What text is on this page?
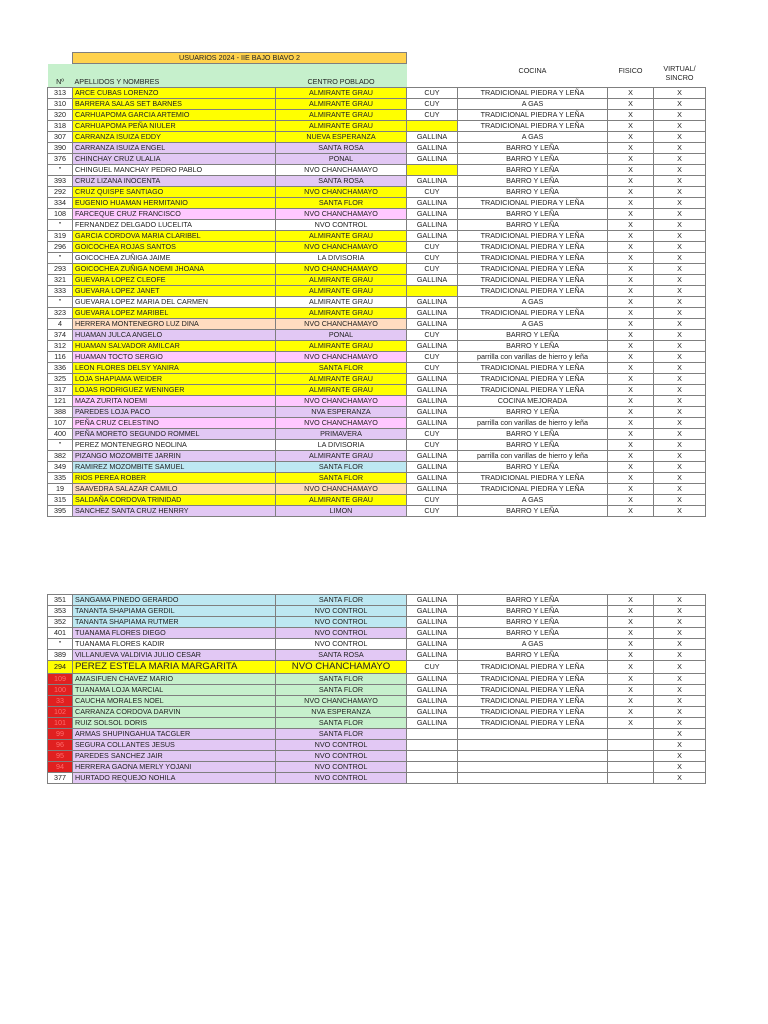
	USUARIOS 2024 - IIE BAJO BIAVO 2					
Nº	APELLIDOS Y NOMBRES	CENTRO POBLADO		COCINA	FISICO	VIRTUAL/ SINCRO
313	ARCE CUBAS LORENZO	ALMIRANTE GRAU	CUY	TRADICIONAL PIEDRA Y LEÑA	X	X
310	BARRERA SALAS SET BARNES	ALMIRANTE GRAU	CUY	A GAS	X	X
320	CARHUAPOMA GARCIA ARTEMIO	ALMIRANTE GRAU	CUY	TRADICIONAL PIEDRA Y LEÑA	X	X
318	CARHUAPOMA PEÑA NIULER	ALMIRANTE GRAU		TRADICIONAL PIEDRA Y LEÑA	X	X
307	CARRANZA ISUIZA EDDY	NUEVA ESPERANZA	GALLINA	A GAS	X	X
390	CARRANZA ISUIZA ENGEL	SANTA ROSA	GALLINA	BARRO Y LEÑA	X	X
376	CHINCHAY CRUZ ULALIA	PONAL	GALLINA	BARRO Y LEÑA	X	X
"	CHINGUEL MANCHAY PEDRO PABLO	NVO CHANCHAMAYO		BARRO Y LEÑA	X	X
393	CRUZ LIZANA INOCENTA	SANTA ROSA	GALLINA	BARRO Y LEÑA	X	X
292	CRUZ QUISPE SANTIAGO	NVO CHANCHAMAYO	CUY	BARRO Y LEÑA	X	X
334	EUGENIO HUAMAN HERMITANIO	SANTA FLOR	GALLINA	TRADICIONAL PIEDRA Y LEÑA	X	X
108	FARCEQUE CRUZ FRANCISCO	NVO CHANCHAMAYO	GALLINA	BARRO Y LEÑA	X	X
"	FERNANDEZ DELGADO LUCELITA	NVO CONTROL	GALLINA	BARRO Y LEÑA	X	X
319	GARCIA CORDOVA MARIA CLARIBEL	ALMIRANTE GRAU	GALLINA	TRADICIONAL PIEDRA Y LEÑA	X	X
296	GOICOCHEA ROJAS SANTOS	NVO CHANCHAMAYO	CUY	TRADICIONAL PIEDRA Y LEÑA	X	X
"	GOICOCHEA ZUÑIGA JAIME	LA DIVISORIA	CUY	TRADICIONAL PIEDRA Y LEÑA	X	X
293	GOICOCHEA ZUÑIGA NOEMI JHOANA	NVO CHANCHAMAYO	CUY	TRADICIONAL PIEDRA Y LEÑA	X	X
321	GUEVARA LOPEZ CLEOFE	ALMIRANTE GRAU	GALLINA	TRADICIONAL PIEDRA Y LEÑA	X	X
333	GUEVARA LOPEZ JANET	ALMIRANTE GRAU		TRADICIONAL PIEDRA Y LEÑA	X	X
"	GUEVARA LOPEZ MARIA DEL CARMEN	ALMIRANTE GRAU	GALLINA	A GAS	X	X
323	GUEVARA LOPEZ MARIBEL	ALMIRANTE GRAU	GALLINA	TRADICIONAL PIEDRA Y LEÑA	X	X
4	HERRERA MONTENEGRO LUZ DINA	NVO CHANCHAMAYO	GALLINA	A GAS	X	X
374	HUAMAN JULCA ANGELO	PONAL	CUY	BARRO Y LEÑA	X	X
312	HUAMAN SALVADOR AMILCAR	ALMIRANTE GRAU	GALLINA	BARRO Y LEÑA	X	X
116	HUAMAN TOCTO SERGIO	NVO CHANCHAMAYO	CUY	parrilla con varillas de hierro y leña	X	X
336	LEON FLORES DELSY YANIRA	SANTA FLOR	CUY	TRADICIONAL PIEDRA Y LEÑA	X	X
325	LOJA SHAPIAMA WEIDER	ALMIRANTE GRAU	GALLINA	TRADICIONAL PIEDRA Y LEÑA	X	X
317	LOJAS RODRIGUEZ WENINGER	ALMIRANTE GRAU	GALLINA	TRADICIONAL PIEDRA Y LEÑA	X	X
121	MAZA ZURITA NOEMI	NVO CHANCHAMAYO	GALLINA	COCINA MEJORADA	X	X
388	PAREDES LOJA PACO	NVA ESPERANZA	GALLINA	BARRO Y LEÑA	X	X
107	PEÑA CRUZ CELESTINO	NVO CHANCHAMAYO	GALLINA	parrilla con varillas de hierro y leña	X	X
400	PEÑA MORETO SEGUNDO ROMMEL	PRIMAVERA	CUY	BARRO Y LEÑA	X	X
"	PEREZ MONTENEGRO NEOLINA	LA DIVISORIA	CUY	BARRO Y LEÑA	X	X
382	PIZANGO MOZOMBITE JARRIN	ALMIRANTE GRAU	GALLINA	parrilla con varillas de hierro y leña	X	X
349	RAMIREZ MOZOMBITE SAMUEL	SANTA FLOR	GALLINA	BARRO Y LEÑA	X	X
335	RIOS PEREA ROBER	SANTA FLOR	GALLINA	TRADICIONAL PIEDRA Y LEÑA	X	X
19	SAAVEDRA SALAZAR CAMILO	NVO CHANCHAMAYO	GALLINA	TRADICIONAL PIEDRA Y LEÑA	X	X
315	SALDAÑA CORDOVA TRINIDAD	ALMIRANTE GRAU	CUY	A GAS	X	X
395	SANCHEZ SANTA CRUZ HENRRY	LIMON	CUY	BARRO Y LEÑA	X	X
351	SANGAMA PINEDO GERARDO	SANTA FLOR	GALLINA	BARRO Y LEÑA	X	X
353	TANANTA SHAPIAMA GERDIL	NVO CONTROL	GALLINA	BARRO Y LEÑA	X	X
352	TANANTA SHAPIAMA RUTMER	NVO CONTROL	GALLINA	BARRO Y LEÑA	X	X
401	TUANAMA FLORES DIEGO	NVO CONTROL	GALLINA	BARRO Y LEÑA	X	X
"	TUANAMA FLORES KADIR	NVO CONTROL	GALLINA	A GAS	X	X
389	VILLANUEVA VALDIVIA JULIO CESAR	SANTA ROSA	GALLINA	BARRO Y LEÑA	X	X
294	PEREZ ESTELA MARIA MARGARITA	NVO CHANCHAMAYO	CUY	TRADICIONAL PIEDRA Y LEÑA	X	X
109	AMASIFUEN CHAVEZ MARIO	SANTA FLOR	GALLINA	TRADICIONAL PIEDRA Y LEÑA	X	X
100	TUANAMA LOJA MARCIAL	SANTA FLOR	GALLINA	TRADICIONAL PIEDRA Y LEÑA	X	X
33	CAUCHA MORALES NOEL	NVO CHANCHAMAYO	GALLINA	TRADICIONAL PIEDRA Y LEÑA	X	X
102	CARRANZA CORDOVA DARVIN	NVA ESPERANZA	GALLINA	TRADICIONAL PIEDRA Y LEÑA	X	X
101	RUIZ SOLSOL DORIS	SANTA FLOR	GALLINA	TRADICIONAL PIEDRA Y LEÑA	X	X
99	ARMAS SHUPINGAHUA TACGLER	SANTA FLOR				X
96	SEGURA COLLANTES JESUS	NVO CONTROL				X
95	PAREDES SANCHEZ JAIR	NVO CONTROL				X
94	HERRERA GAONA MERLY YOJANI	NVO CONTROL				X
377	HURTADO REQUEJO NOHILA	NVO CONTROL				X
